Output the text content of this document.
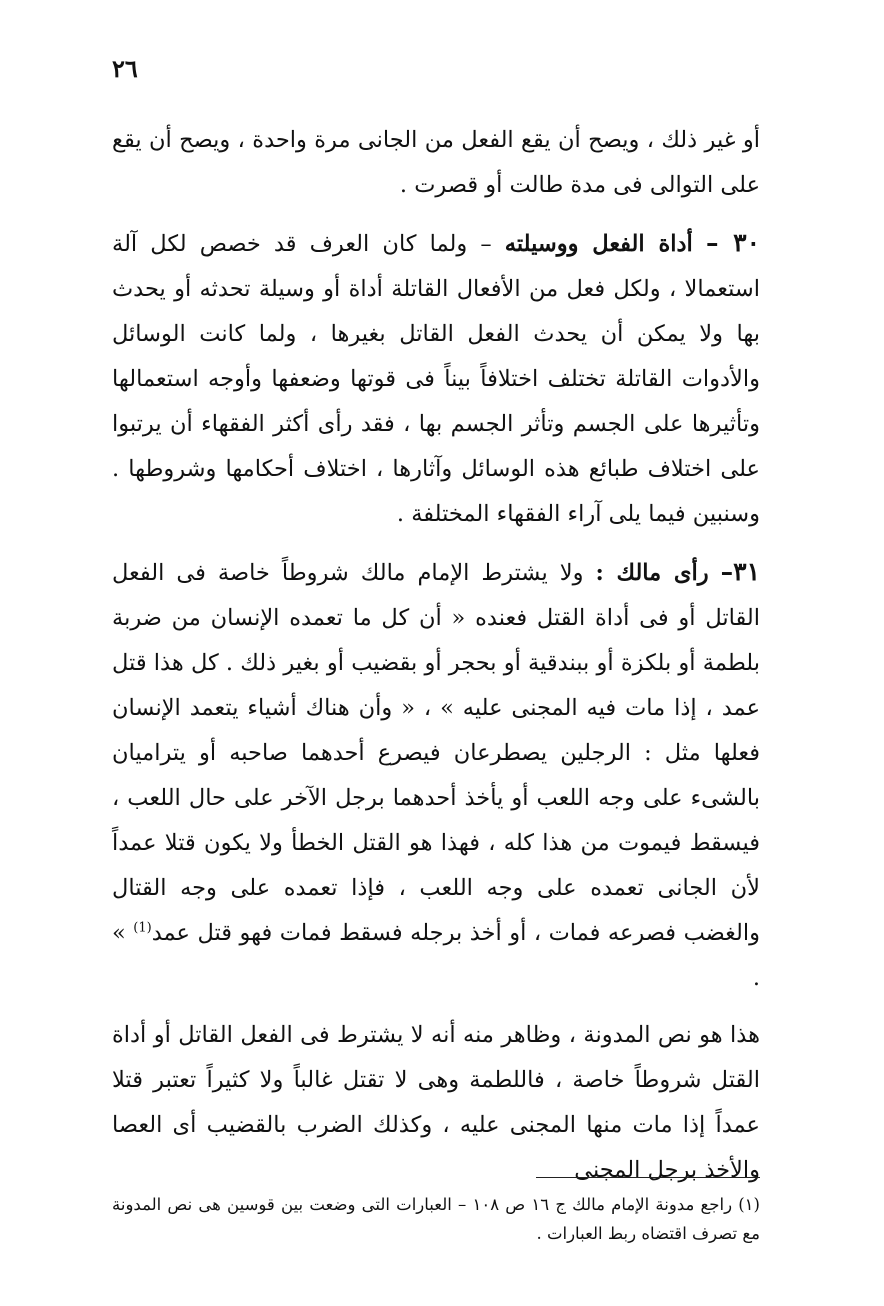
٢٦

أو غير ذلك ، ويصح أن يقع الفعل من الجانى مرة واحدة ، ويصح أن يقع على التوالى فى مدة طالت أو قصرت .

٣٠ – أداة الفعل ووسيلته – ولما كان العرف قد خصص لكل آلة استعمالا ، ولكل فعل من الأفعال القاتلة أداة أو وسيلة تحدثه أو يحدث بها ولا يمكن أن يحدث الفعل القاتل بغيرها ، ولما كانت الوسائل والأدوات القاتلة تختلف اختلافاً بيناً فى قوتها وضعفها وأوجه استعمالها وتأثيرها على الجسم وتأثر الجسم بها ، فقد رأى أكثر الفقهاء أن يرتبوا على اختلاف طبائع هذه الوسائل وآثارها ، اختلاف أحكامها وشروطها . وسنبين فيما يلى آراء الفقهاء المختلفة .

٣١– رأى مالك : ولا يشترط الإمام مالك شروطاً خاصة فى الفعل القاتل أو فى أداة القتل فعنده « أن كل ما تعمده الإنسان من ضربة بلطمة أو بلكزة أو ببندقية أو بحجر أو بقضيب أو بغير ذلك . كل هذا قتل عمد ، إذا مات فيه المجنى عليه » ، « وأن هناك أشياء يتعمد الإنسان فعلها مثل : الرجلين يصطرعان فيصرع أحدهما صاحبه أو يتراميان بالشىء على وجه اللعب أو يأخذ أحدهما برجل الآخر على حال اللعب ، فيسقط فيموت من هذا كله ، فهذا هو القتل الخطأ ولا يكون قتلا عمداً لأن الجانى تعمده على وجه اللعب ، فإذا تعمده على وجه القتال والغضب فصرعه فمات ، أو أخذ برجله فسقط فمات فهو قتل عمد$^{(1)}$ » .

هذا هو نص المدونة ، وظاهر منه أنه لا يشترط فى الفعل القاتل أو أداة القتل شروطاً خاصة ، فاللطمة وهى لا تقتل غالباً ولا كثيراً تعتبر قتلا عمداً إذا مات منها المجنى عليه ، وكذلك الضرب بالقضيب أى العصا والأخذ برجل المجنى

(١) راجع مدونة الإمام مالك ج ١٦ ص ١٠٨ – العبارات التى وضعت بين قوسين هى نص المدونة مع تصرف اقتضاه ربط العبارات .
